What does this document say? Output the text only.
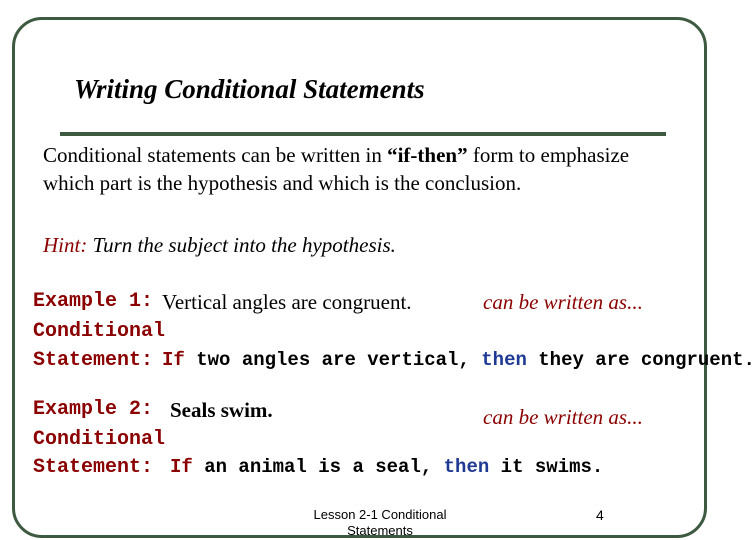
Writing Conditional Statements
Conditional statements can be written in “if-then” form to emphasize which part is the hypothesis and which is the conclusion.
Hint: Turn the subject into the hypothesis.
Example 1: Vertical angles are congruent.	can be written as...
Conditional
Statement: If two angles are vertical, then they are congruent.
Example 2: Seals swim.	can be written as...
Conditional
Statement: If an animal is a seal, then it swims.
Lesson 2-1 Conditional
Statements
4
